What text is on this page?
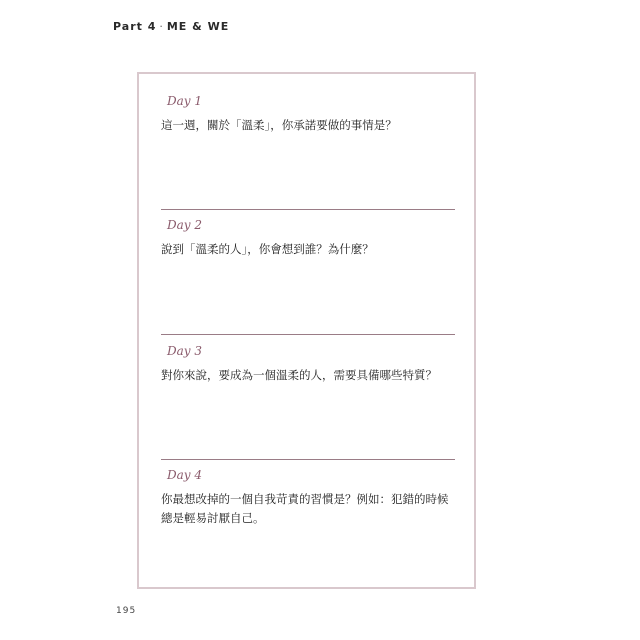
Part 4 · ME & WE
Day 1

這一週，關於「溫柔」，你承諾要做的事情是？

Day 2

說到「溫柔的人」，你會想到誰？為什麼？

Day 3

對你來說，要成為一個溫柔的人，需要具備哪些特質？

Day 4

你最想改掉的一個自我苛責的習慣是？例如：犯錯的時候總是輕易討厭自己。

195
